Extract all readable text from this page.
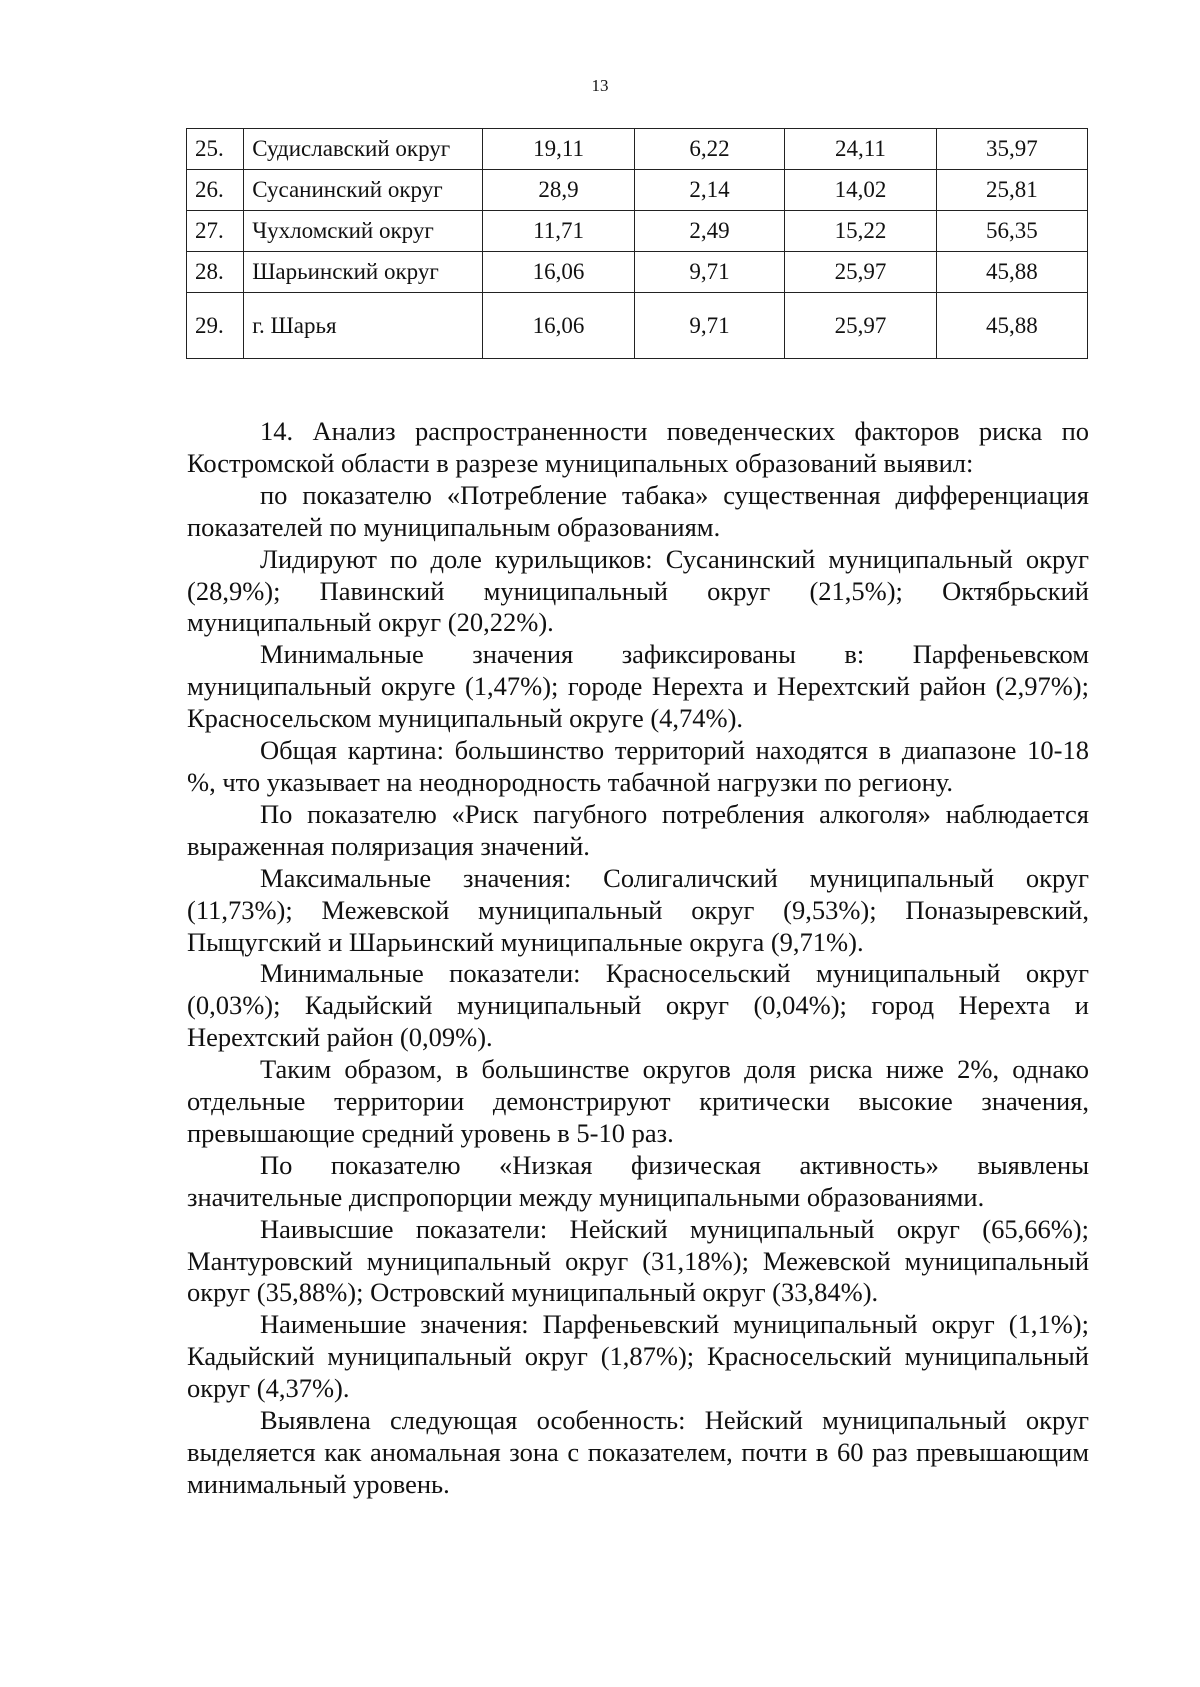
13
25.	Судиславский округ	19,11	6,22	24,11	35,97
26.	Сусанинский округ	28,9	2,14	14,02	25,81
27.	Чухломский округ	11,71	2,49	15,22	56,35
28.	Шарьинский округ	16,06	9,71	25,97	45,88
29.	г. Шарья	16,06	9,71	25,97	45,88

14. Анализ распространенности поведенческих факторов риска по Костромской области в разрезе муниципальных образований выявил:

по показателю «Потребление табака» существенная дифференциация показателей по муниципальным образованиям.

Лидируют по доле курильщиков: Сусанинский муниципальный округ (28,9%); Павинский муниципальный округ (21,5%); Октябрьский муниципальный округ (20,22%).

Минимальные значения зафиксированы в: Парфеньевском муниципальный округе (1,47%); городе Нерехта и Нерехтский район (2,97%); Красносельском муниципальный округе (4,74%).

Общая картина: большинство территорий находятся в диапазоне 10-18 %, что указывает на неоднородность табачной нагрузки по региону.

По показателю «Риск пагубного потребления алкоголя» наблюдается выраженная поляризация значений.

Максимальные значения: Солигаличский муниципальный округ (11,73%); Межевской муниципальный округ (9,53%); Поназыревский, Пыщугский и Шарьинский муниципальные округа (9,71%).

Минимальные показатели: Красносельский муниципальный округ (0,03%); Кадыйский муниципальный округ (0,04%); город Нерехта и Нерехтский район (0,09%).

Таким образом, в большинстве округов доля риска ниже 2%, однако отдельные территории демонстрируют критически высокие значения, превышающие средний уровень в 5-10 раз.

По показателю «Низкая физическая активность» выявлены значительные диспропорции между муниципальными образованиями.

Наивысшие показатели: Нейский муниципальный округ (65,66%); Мантуровский муниципальный округ (31,18%); Межевской муниципальный округ (35,88%); Островский муниципальный округ (33,84%).

Наименьшие значения: Парфеньевский муниципальный округ (1,1%); Кадыйский муниципальный округ (1,87%); Красносельский муниципальный округ (4,37%).

Выявлена следующая особенность: Нейский муниципальный округ выделяется как аномальная зона с показателем, почти в 60 раз превышающим минимальный уровень.
